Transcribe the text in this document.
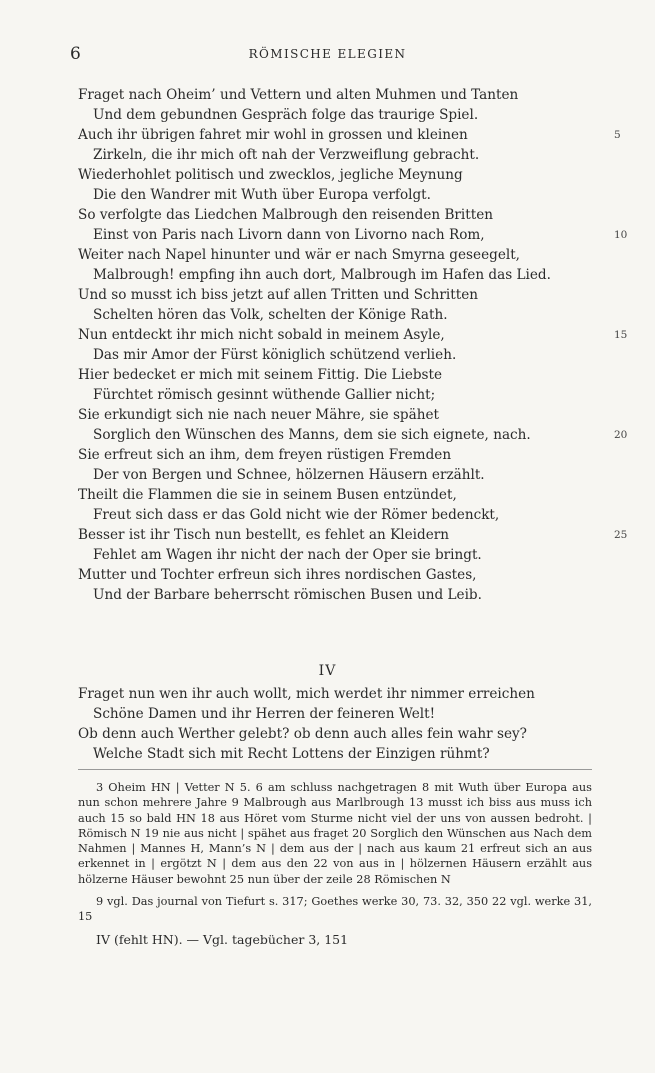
6	RÖMISCHE ELEGIEN
Fraget nach Oheim’ und Vettern und alten Muhmen und Tanten
Und dem gebundnen Gespräch folge das traurige Spiel.
Auch ihr übrigen fahret mir wohl in grossen und kleinen	5
Zirkeln, die ihr mich oft nah der Verzweiflung gebracht.
Wiederhohlet politisch und zwecklos, jegliche Meynung
Die den Wandrer mit Wuth über Europa verfolgt.
So verfolgte das Liedchen Malbrough den reisenden Britten
Einst von Paris nach Livorn dann von Livorno nach Rom,	10
Weiter nach Napel hinunter und wär er nach Smyrna geseegelt,
Malbrough! empfing ihn auch dort, Malbrough im Hafen das Lied.
Und so musst ich biss jetzt auf allen Tritten und Schritten
Schelten hören das Volk, schelten der Könige Rath.
Nun entdeckt ihr mich nicht sobald in meinem Asyle,	15
Das mir Amor der Fürst königlich schützend verlieh.
Hier bedecket er mich mit seinem Fittig. Die Liebste
Fürchtet römisch gesinnt wüthende Gallier nicht;
Sie erkundigt sich nie nach neuer Mähre, sie spähet
Sorglich den Wünschen des Manns, dem sie sich eignete, nach.	20
Sie erfreut sich an ihm, dem freyen rüstigen Fremden
Der von Bergen und Schnee, hölzernen Häusern erzählt.
Theilt die Flammen die sie in seinem Busen entzündet,
Freut sich dass er das Gold nicht wie der Römer bedenckt,
Besser ist ihr Tisch nun bestellt, es fehlet an Kleidern	25
Fehlet am Wagen ihr nicht der nach der Oper sie bringt.
Mutter und Tochter erfreun sich ihres nordischen Gastes,
Und der Barbare beherrscht römischen Busen und Leib.
IV
Fraget nun wen ihr auch wollt, mich werdet ihr nimmer erreichen
Schöne Damen und ihr Herren der feineren Welt!
Ob denn auch Werther gelebt? ob denn auch alles fein wahr sey?
Welche Stadt sich mit Recht Lottens der Einzigen rühmt?

3 Oheim HN | Vetter N 5. 6 am schluss nachgetragen 8 mit Wuth über Europa aus nun schon mehrere Jahre 9 Malbrough aus Marlbrough 13 musst ich biss aus muss ich auch 15 so bald HN 18 aus Höret vom Sturme nicht viel der uns von aussen bedroht. | Römisch N 19 nie aus nicht | spähet aus fraget 20 Sorglich den Wünschen aus Nach dem Nahmen | Mannes H, Mann’s N | dem aus der | nach aus kaum 21 erfreut sich an aus erkennet in | ergötzt N | dem aus den 22 von aus in | hölzernen Häusern erzählt aus hölzerne Häuser bewohnt 25 nun über der zeile 28 Römischen N

9 vgl. Das journal von Tiefurt s. 317; Goethes werke 30, 73. 32, 350 22 vgl. werke 31, 15

IV (fehlt HN). — Vgl. tagebücher 3, 151
